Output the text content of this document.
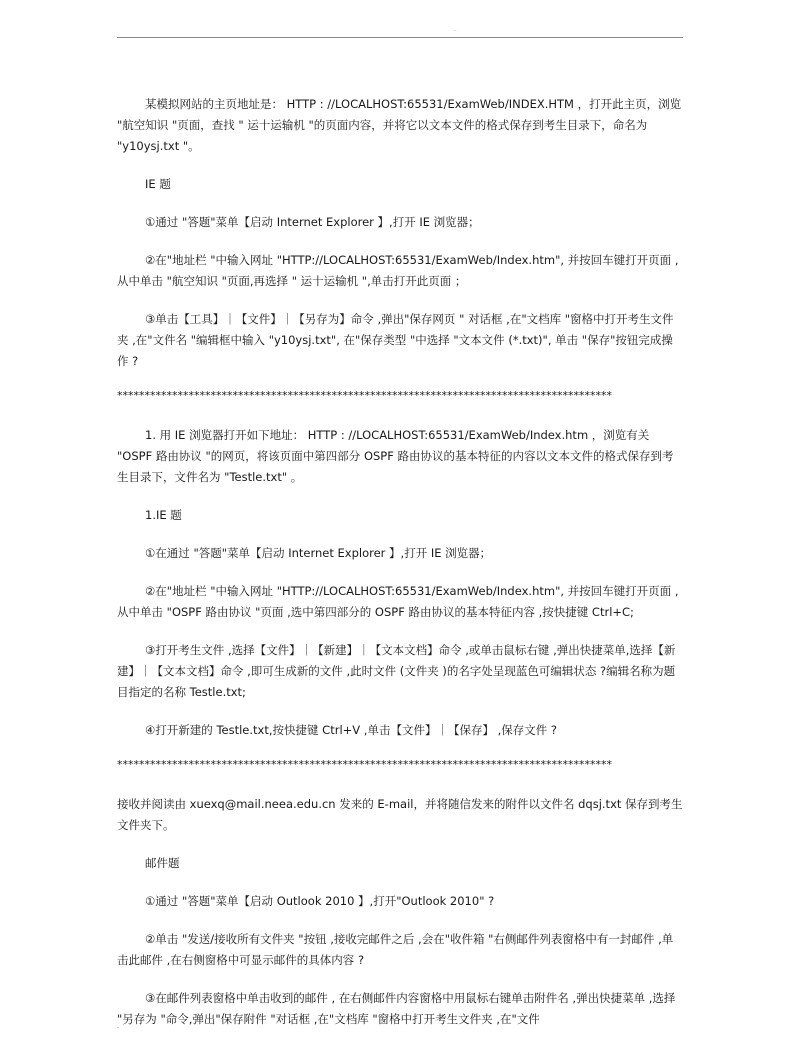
..

某模拟网站的主页地址是： HTTP : //LOCALHOST:65531/ExamWeb/INDEX.HTM ，打开此主页，浏览 "航空知识 "页面，查找 " 运十运输机 "的页面内容，并将它以文本文件的格式保存到考生目录下，命名为 "y10ysj.txt "。

IE 题

①通过 "答题"菜单【启动 Internet Explorer 】,打开 IE 浏览器；

②在"地址栏 "中输入网址 "HTTP://LOCALHOST:65531/ExamWeb/Index.htm", 并按回车键打开页面 ,从中单击 "航空知识 "页面,再选择 " 运十运输机 ",单击打开此页面 ；

③单击【工具】｜【文件】｜【另存为】命令 ,弹出"保存网页 " 对话框 ,在"文档库 "窗格中打开考生文件夹 ,在"文件名 "编辑框中输入 "y10ysj.txt", 在"保存类型 "中选择 "文本文件 (*.txt)", 单击 "保存"按钮完成操作 ?

******************************************************************************************

1. 用 IE 浏览器打开如下地址： HTTP : //LOCALHOST:65531/ExamWeb/Index.htm ，浏览有关 "OSPF 路由协议 "的网页，将该页面中第四部分 OSPF 路由协议的基本特征的内容以文本文件的格式保存到考生目录下，文件名为 "Testle.txt" 。

1.IE 题

①在通过 "答题"菜单【启动 Internet Explorer 】,打开 IE 浏览器；

②在"地址栏 "中输入网址 "HTTP://LOCALHOST:65531/ExamWeb/Index.htm", 并按回车键打开页面 ,从中单击 "OSPF 路由协议 "页面 ,选中第四部分的 OSPF 路由协议的基本特征内容 ,按快捷键 Ctrl+C;

③打开考生文件 ,选择【文件】｜【新建】｜【文本文档】命令 ,或单击鼠标右键 ,弹出快捷菜单,选择【新建】｜【文本文档】命令 ,即可生成新的文件 ,此时文件 (文件夹 )的名字处呈现蓝色可编辑状态 ?编辑名称为题目指定的名称 Testle.txt;

④打开新建的 Testle.txt,按快捷键 Ctrl+V ,单击【文件】｜【保存】 ,保存文件 ?

******************************************************************************************

接收并阅读由 xuexq@mail.neea.edu.cn 发来的 E-mail，并将随信发来的附件以文件名 dqsj.txt 保存到考生文件夹下。

邮件题

①通过 "答题"菜单【启动 Outlook 2010 】,打开"Outlook 2010" ?

②单击 "发送/接收所有文件夹 "按钮 ,接收完邮件之后 ,会在"收件箱 "右侧邮件列表窗格中有一封邮件 ,单击此邮件 ,在右侧窗格中可显示邮件的具体内容 ?

③在邮件列表窗格中单击收到的邮件 , 在右侧邮件内容窗格中用鼠标右键单击附件名 ,弹出快捷菜单 ,选择 "另存为 "命令,弹出"保存附件 "对话框 ,在"文档库 "窗格中打开考生文件夹 ,在"文件

-
